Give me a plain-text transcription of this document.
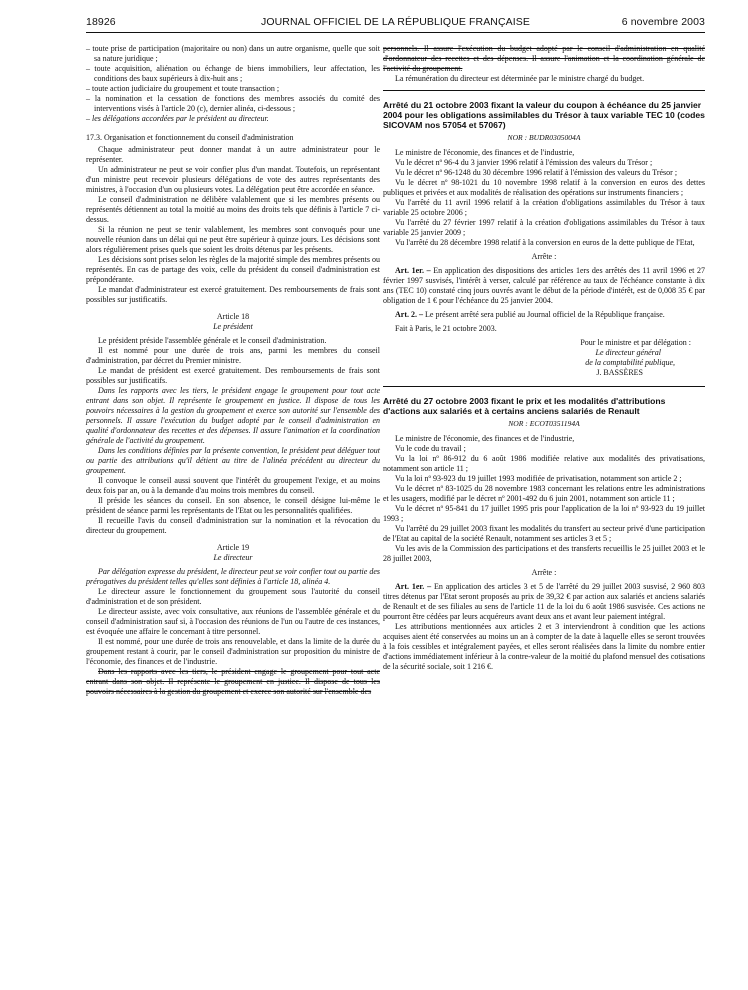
18926	JOURNAL OFFICIEL DE LA RÉPUBLIQUE FRANÇAISE	6 novembre 2003

– toute prise de participation (majoritaire ou non) dans un autre organisme, quelle que soit sa nature juridique ;

– toute acquisition, aliénation ou échange de biens immobiliers, leur affectation, les conditions des baux supérieurs à dix-huit ans ;

– toute action judiciaire du groupement et toute transaction ;

– la nomination et la cessation de fonctions des membres associés du comité des interventions visés à l'article 20 (c), dernier alinéa, ci-dessous ;

– les délégations accordées par le président au directeur.

17.3. Organisation et fonctionnement du conseil d'administration

Chaque administrateur peut donner mandat à un autre administrateur pour le représenter.

Un administrateur ne peut se voir confier plus d'un mandat. Toutefois, un représentant d'un ministre peut recevoir plusieurs délégations de vote des autres représentants des ministres, à l'occasion d'un ou plusieurs votes. La délégation peut être accordée en séance.

Le conseil d'administration ne délibère valablement que si les membres présents ou représentés détiennent au total la moitié au moins des droits tels que définis à l'article 7 ci-dessus.

Si la réunion ne peut se tenir valablement, les membres sont convoqués pour une nouvelle réunion dans un délai qui ne peut être supérieur à quinze jours. Les décisions sont alors régulièrement prises quels que soient les droits détenus par les présents.

Les décisions sont prises selon les règles de la majorité simple des membres présents ou représentés. En cas de partage des voix, celle du président du conseil d'administration est prépondérante.

Le mandat d'administrateur est exercé gratuitement. Des remboursements de frais sont possibles sur justificatifs.

Article 18

Le président

Le président préside l'assemblée générale et le conseil d'administration.

Il est nommé pour une durée de trois ans, parmi les membres du conseil d'administration, par décret du Premier ministre.

Le mandat de président est exercé gratuitement. Des remboursements de frais sont possibles sur justificatifs.

Dans les rapports avec les tiers, le président engage le groupement pour tout acte entrant dans son objet. Il représente le groupement en justice. Il dispose de tous les pouvoirs nécessaires à la gestion du groupement et exerce son autorité sur l'ensemble des personnels. Il assure l'exécution du budget adopté par le conseil d'administration en qualité d'ordonnateur des recettes et des dépenses. Il assure l'animation et la coordination générale de l'activité du groupement.

Dans les conditions définies par la présente convention, le président peut déléguer tout ou partie des attributions qu'il détient au titre de l'alinéa précédent au directeur du groupement.

Il convoque le conseil aussi souvent que l'intérêt du groupement l'exige, et au moins deux fois par an, ou à la demande d'au moins trois membres du conseil.

Il préside les séances du conseil. En son absence, le conseil désigne lui-même le président de séance parmi les représentants de l'Etat ou les personnalités qualifiées.

Il recueille l'avis du conseil d'administration sur la nomination et la révocation du directeur du groupement.

Article 19

Le directeur

Par délégation expresse du président, le directeur peut se voir confier tout ou partie des prérogatives du président telles qu'elles sont définies à l'article 18, alinéa 4.

Le directeur assure le fonctionnement du groupement sous l'autorité du conseil d'administration et de son président.

Le directeur assiste, avec voix consultative, aux réunions de l'assemblée générale et du conseil d'administration sauf si, à l'occasion des réunions de l'un ou l'autre de ces instances, est évoquée une affaire le concernant à titre personnel.

Il est nommé, pour une durée de trois ans renouvelable, et dans la limite de la durée du groupement restant à courir, par le conseil d'administration sur proposition du ministre de l'économie, des finances et de l'industrie.

Dans les rapports avec les tiers, le président engage le groupement pour tout acte entrant dans son objet. Il représente le groupement en justice. Il dispose de tous les pouvoirs nécessaires à la gestion du groupement et exerce son autorité sur l'ensemble des

personnels. Il assure l'exécution du budget adopté par le conseil d'administration en qualité d'ordonnateur des recettes et des dépenses. Il assure l'animation et la coordination générale de l'activité du groupement.

La rémunération du directeur est déterminée par le ministre chargé du budget.

Arrêté du 21 octobre 2003 fixant la valeur du coupon à échéance du 25 janvier 2004 pour les obligations assimilables du Trésor à taux variable TEC 10 (codes SICOVAM nos 57054 et 57067)

NOR : BUDR0305004A

Le ministre de l'économie, des finances et de l'industrie,

Vu le décret nº 96-4 du 3 janvier 1996 relatif à l'émission des valeurs du Trésor ;

Vu le décret nº 96-1248 du 30 décembre 1996 relatif à l'émission des valeurs du Trésor ;

Vu le décret nº 98-1021 du 10 novembre 1998 relatif à la conversion en euros des dettes publiques et privées et aux modalités de réalisation des opérations sur instruments financiers ;

Vu l'arrêté du 11 avril 1996 relatif à la création d'obligations assimilables du Trésor à taux variable 25 octobre 2006 ;

Vu l'arrêté du 27 février 1997 relatif à la création d'obligations assimilables du Trésor à taux variable 25 janvier 2009 ;

Vu l'arrêté du 28 décembre 1998 relatif à la conversion en euros de la dette publique de l'Etat,

Arrête :

Art. 1er. – En application des dispositions des articles 1ers des arrêtés des 11 avril 1996 et 27 février 1997 susvisés, l'intérêt à verser, calculé par référence au taux de l'échéance constante à dix ans (TEC 10) constaté cinq jours ouvrés avant le début de la période d'intérêt, est de 0,008 35 € par obligation de 1 € pour l'échéance du 25 janvier 2004.

Art. 2. – Le présent arrêté sera publié au Journal officiel de la République française.

Fait à Paris, le 21 octobre 2003.

Pour le ministre et par délégation :

Le directeur général

de la comptabilité publique,

J. BASSÈRES

Arrêté du 27 octobre 2003 fixant le prix et les modalités d'attributions d'actions aux salariés et à certains anciens salariés de Renault

NOR : ECOT0351194A

Le ministre de l'économie, des finances et de l'industrie,

Vu le code du travail ;

Vu la loi nº 86-912 du 6 août 1986 modifiée relative aux modalités des privatisations, notamment son article 11 ;

Vu la loi nº 93-923 du 19 juillet 1993 modifiée de privatisation, notamment son article 2 ;

Vu le décret nº 83-1025 du 28 novembre 1983 concernant les relations entre les administrations et les usagers, modifié par le décret nº 2001-492 du 6 juin 2001, notamment son article 11 ;

Vu le décret nº 95-841 du 17 juillet 1995 pris pour l'application de la loi nº 93-923 du 19 juillet 1993 ;

Vu l'arrêté du 29 juillet 2003 fixant les modalités du transfert au secteur privé d'une participation de l'Etat au capital de la société Renault, notamment ses articles 3 et 5 ;

Vu les avis de la Commission des participations et des transferts recueillis le 25 juillet 2003 et le 28 juillet 2003,

Arrête :

Art. 1er. – En application des articles 3 et 5 de l'arrêté du 29 juillet 2003 susvisé, 2 960 803 titres détenus par l'Etat seront proposés au prix de 39,32 € par action aux salariés et anciens salariés de Renault et de ses filiales au sens de l'article 11 de la loi du 6 août 1986 susvisée. Ces actions ne pourront être cédées par leurs acquéreurs avant deux ans et avant leur paiement intégral.

Les attributions mentionnées aux articles 2 et 3 interviendront à condition que les actions acquises aient été conservées au moins un an à compter de la date à laquelle elles se seront trouvées à la fois cessibles et intégralement payées, et elles seront réalisées dans la limite du nombre entier d'actions immédiatement inférieur à la contre-valeur de la moitié du plafond mensuel des cotisations de la sécurité sociale, soit 1 216 €.
